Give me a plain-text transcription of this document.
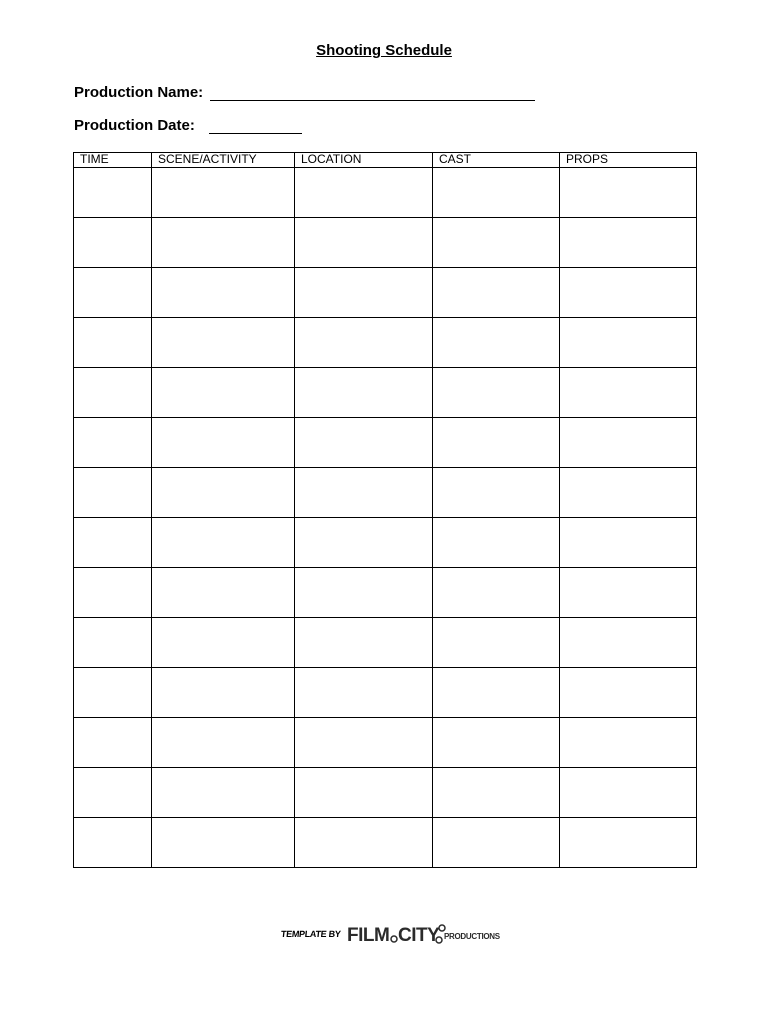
Shooting Schedule
Production Name:
Production Date:
TIME	SCENE/ACTIVITY	LOCATION	CAST	PROPS

TEMPLATE BY FILM CITY PRODUCTIONS
